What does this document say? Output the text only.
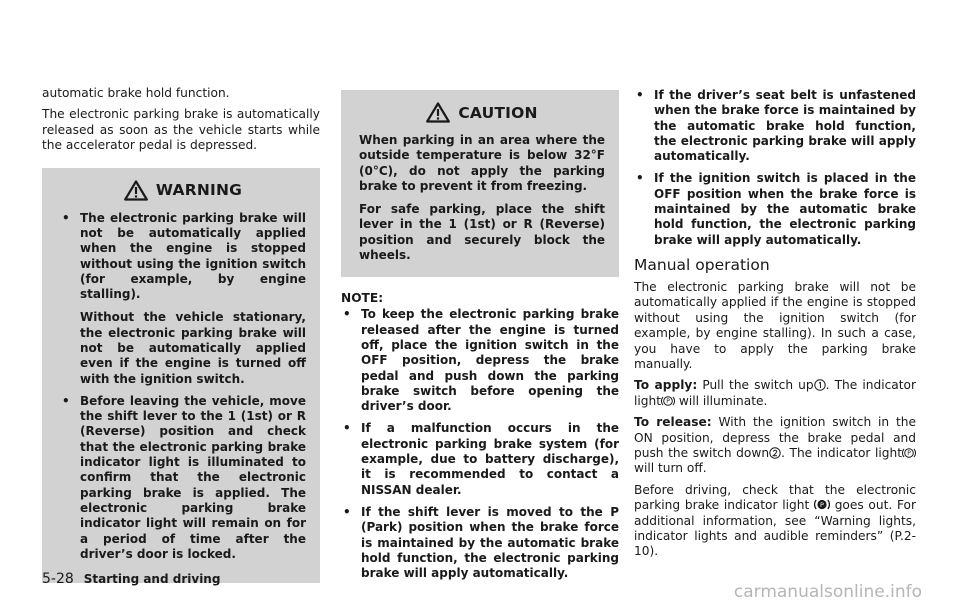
automatic brake hold function.

The electronic parking brake is automatically released as soon as the vehicle starts while the accelerator pedal is depressed.

WARNING
• The electronic parking brake will not be automatically applied when the engine is stopped without using the ignition switch (for example, by engine stalling).
Without the vehicle stationary, the electronic parking brake will not be automatically applied even if the engine is turned off with the ignition switch.
• Before leaving the vehicle, move the shift lever to the 1 (1st) or R (Reverse) position and check that the electronic parking brake indicator light is illuminated to confirm that the electronic parking brake is applied. The electronic parking brake indicator light will remain on for a period of time after the driver’s door is locked.
CAUTION

When parking in an area where the outside temperature is below 32°F (0°C), do not apply the parking brake to prevent it from freezing.

For safe parking, place the shift lever in the 1 (1st) or R (Reverse) position and securely block the wheels.

NOTE:
• To keep the electronic parking brake released after the engine is turned off, place the ignition switch in the OFF position, depress the brake pedal and push down the parking brake switch before opening the driver’s door.
• If a malfunction occurs in the electronic parking brake system (for example, due to battery discharge), it is recommended to contact a NISSAN dealer.
• If the shift lever is moved to the P (Park) position when the brake force is maintained by the automatic brake hold function, the electronic parking brake will apply automatically.
• If the driver’s seat belt is unfastened when the brake force is maintained by the automatic brake hold function, the electronic parking brake will apply automatically.
• If the ignition switch is placed in the OFF position when the brake force is maintained by the automatic brake hold function, the electronic parking brake will apply automatically.
Manual operation

The electronic parking brake will not be automatically applied if the engine is stopped without using the ignition switch (for example, by engine stalling). In such a case, you have to apply the parking brake manually.

To apply: Pull the switch up . The indicator light P will illuminate.

To release: With the ignition switch in the ON position, depress the brake pedal and push the switch down . The indicator light P
will turn off.

Before driving, check that the electronic parking brake indicator light P goes out. For additional information, see “Warning lights, indicator lights and audible reminders” (P.2-10).

5-28 Starting and driving
carmanualsonline.info
